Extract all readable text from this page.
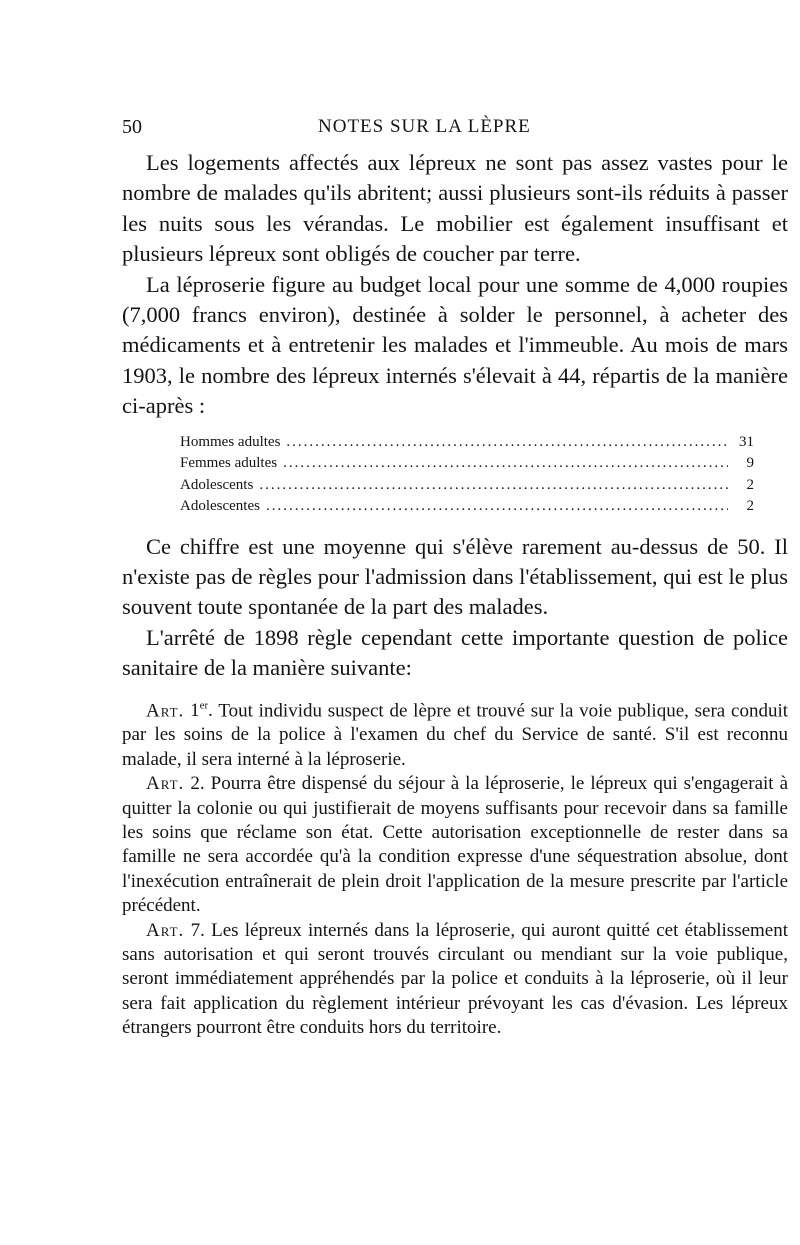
50	NOTES SUR LA LÈPRE

Les logements affectés aux lépreux ne sont pas assez vastes pour le nombre de malades qu'ils abritent; aussi plusieurs sont-ils réduits à passer les nuits sous les vérandas. Le mobilier est également insuffisant et plusieurs lépreux sont obligés de coucher par terre.

La léproserie figure au budget local pour une somme de 4,000 roupies (7,000 francs environ), destinée à solder le personnel, à acheter des médicaments et à entretenir les malades et l'immeuble. Au mois de mars 1903, le nombre des lépreux internés s'élevait à 44, répartis de la manière ci-après :

Hommes adultes .....	31
Femmes adultes .....	9
Adolescents .....	2
Adolescentes .....	2

Ce chiffre est une moyenne qui s'élève rarement au-dessus de 50. Il n'existe pas de règles pour l'admission dans l'établissement, qui est le plus souvent toute spontanée de la part des malades.

L'arrêté de 1898 règle cependant cette importante question de police sanitaire de la manière suivante:

Art. 1er. Tout individu suspect de lèpre et trouvé sur la voie publique, sera conduit par les soins de la police à l'examen du chef du Service de santé. S'il est reconnu malade, il sera interné à la léproserie.

Art. 2. Pourra être dispensé du séjour à la léproserie, le lépreux qui s'engagerait à quitter la colonie ou qui justifierait de moyens suffisants pour recevoir dans sa famille les soins que réclame son état. Cette autorisation exceptionnelle de rester dans sa famille ne sera accordée qu'à la condition expresse d'une séquestration absolue, dont l'inexécution entraînerait de plein droit l'application de la mesure prescrite par l'article précédent.

Art. 7. Les lépreux internés dans la léproserie, qui auront quitté cet établissement sans autorisation et qui seront trouvés circulant ou mendiant sur la voie publique, seront immédiatement appréhendés par la police et conduits à la léproserie, où il leur sera fait application du règlement intérieur prévoyant les cas d'évasion. Les lépreux étrangers pourront être conduits hors du territoire.
